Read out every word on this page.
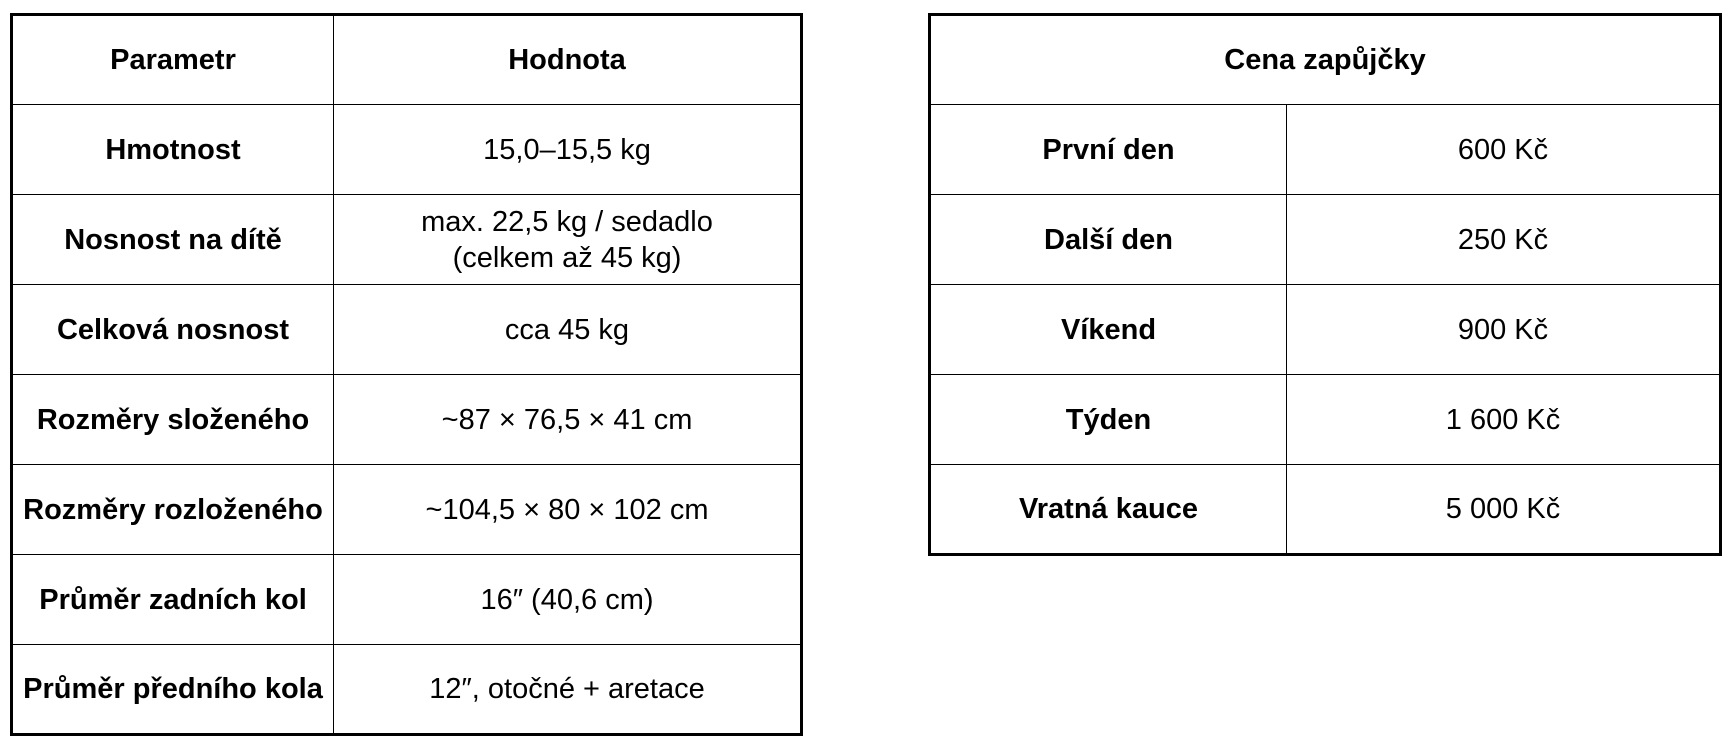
Parametr	Hodnota
Hmotnost	15,0–15,5 kg
Nosnost na dítě	max. 22,5 kg / sedadlo
(celkem až 45 kg)

Celková nosnost	cca 45 kg
Rozměry složeného	~87 × 76,5 × 41 cm
Rozměry rozloženého	~104,5 × 80 × 102 cm
Průměr zadních kol	16″ (40,6 cm)
Průměr předního kola	12″, otočné + aretace
Cena zapůjčky	
První den	600 Kč
Další den	250 Kč
Víkend	900 Kč
Týden	1 600 Kč
Vratná kauce	5 000 Kč
